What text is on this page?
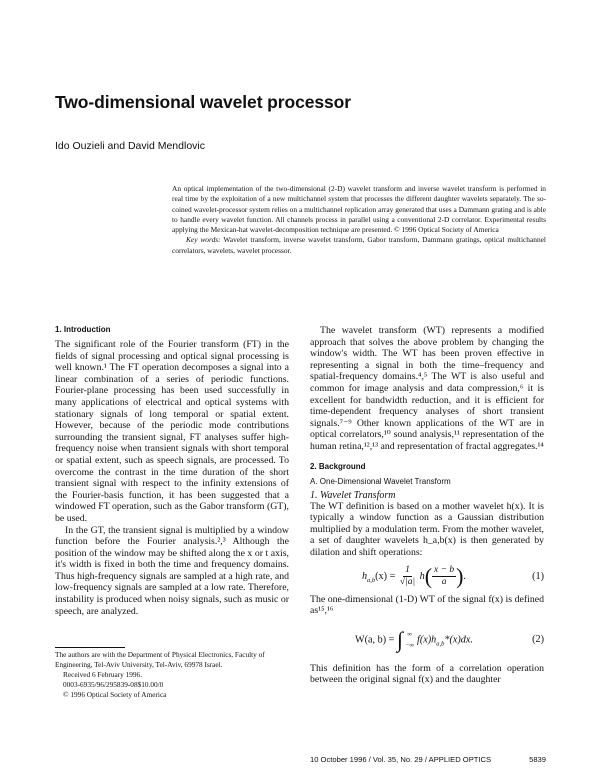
Two-dimensional wavelet processor
Ido Ouzieli and David Mendlovic

An optical implementation of the two-dimensional (2-D) wavelet transform and inverse wavelet transform is performed in real time by the exploitation of a new multichannel system that processes the different daughter wavelets separately. The so-coined wavelet-processor system relies on a multichannel replication array generated that uses a Dammann grating and is able to handle every wavelet function. All channels process in parallel using a conventional 2-D correlator. Experimental results applying the Mexican-hat wavelet-decomposition technique are presented. © 1996 Optical Society of America

Key words: Wavelet transform, inverse wavelet transform, Gabor transform, Dammann gratings, optical multichannel correlators, wavelets, wavelet processor.

1. Introduction

The significant role of the Fourier transform (FT) in the fields of signal processing and optical signal processing is well known.¹ The FT operation decomposes a signal into a linear combination of a series of periodic functions. Fourier-plane processing has been used successfully in many applications of electrical and optical systems with stationary signals of long temporal or spatial extent. However, because of the periodic mode contributions surrounding the transient signal, FT analyses suffer high-frequency noise when transient signals with short temporal or spatial extent, such as speech signals, are processed. To overcome the contrast in the time duration of the short transient signal with respect to the infinity extensions of the Fourier-basis function, it has been suggested that a windowed FT operation, such as the Gabor transform (GT), be used.

In the GT, the transient signal is multiplied by a window function before the Fourier analysis.²,³ Although the position of the window may be shifted along the x or t axis, it's width is fixed in both the time and frequency domains. Thus high-frequency signals are sampled at a high rate, and low-frequency signals are sampled at a low rate. Therefore, instability is produced when noisy signals, such as music or speech, are analyzed.

The wavelet transform (WT) represents a modified approach that solves the above problem by changing the window's width. The WT has been proven effective in representing a signal in both the time–frequency and spatial-frequency domains.⁴,⁵ The WT is also useful and common for image analysis and data compression,⁶ it is excellent for bandwidth reduction, and it is efficient for time-dependent frequency analyses of short transient signals.⁷⁻⁹ Other known applications of the WT are in optical correlators,¹⁰ sound analysis,¹¹ representation of the human retina,¹²,¹³ and representation of fractal aggregates.¹⁴

2. Background
A. One-Dimensional Wavelet Transform
1. Wavelet Transform

The WT definition is based on a mother wavelet h(x). It is typically a window function as a Gaussian distribution multiplied by a modulation term. From the mother wavelet, a set of daughter wavelets h_a,b(x) is then generated by dilation and shift operations:

$h_{a,b}(x) = \frac{1}{√|a|} h( \frac{x - b}{a}$ ).	(1)

The one-dimensional (1-D) WT of the signal f(x) is defined as¹⁵,¹⁶

W(a, b) = ∫ ∞
−∞
$f(x)h_{a,b}*(x)dx$.	(2)

This definition has the form of a correlation operation between the original signal f(x) and the daughter

The authors are with the Department of Physical Electronics, Faculty of Engineering, Tel-Aviv University, Tel-Aviv, 69978 Israel.

Received 6 February 1996.

0003-6935/96/295839-08$10.00/0

© 1996 Optical Society of America

10 October 1996 / Vol. 35, No. 29 / APPLIED OPTICS	5839
